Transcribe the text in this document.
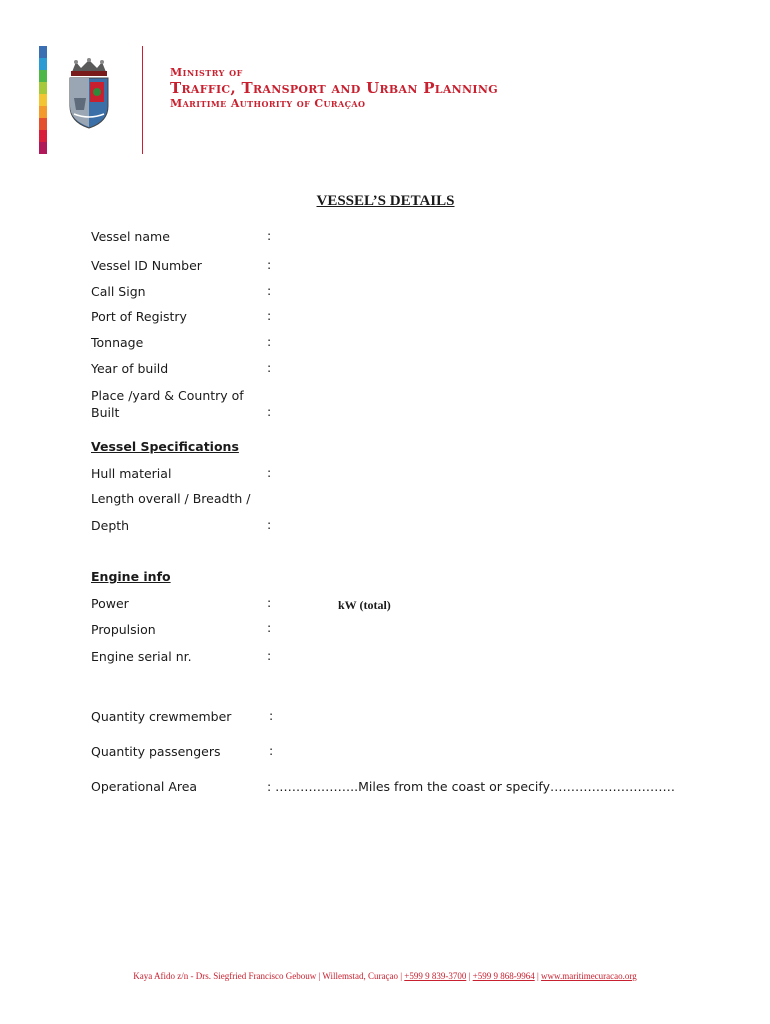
Ministry of
Traffic, Transport and Urban Planning
Maritime Authority of Curaçao
VESSEL’S DETAILS
Vessel name	:
Vessel ID Number	:
Call Sign	:
Port of Registry	:
Tonnage	:
Year of build	:
Place /yard & Country of
Built	:
Vessel Specifications
Hull material	:
Length overall / Breadth /
Depth	:
Engine info
Power	:	kW (total)
Propulsion	:
Engine serial nr.	:
Quantity crewmember	:
Quantity passengers	:
Operational Area	: ………………..Miles from the coast or specify…………………………
Kaya Afido z/n - Drs. Siegfried Francisco Gebouw | Willemstad, Curaçao | +599 9 839-3700 | +599 9 868-9964 | www.maritimecuracao.org
